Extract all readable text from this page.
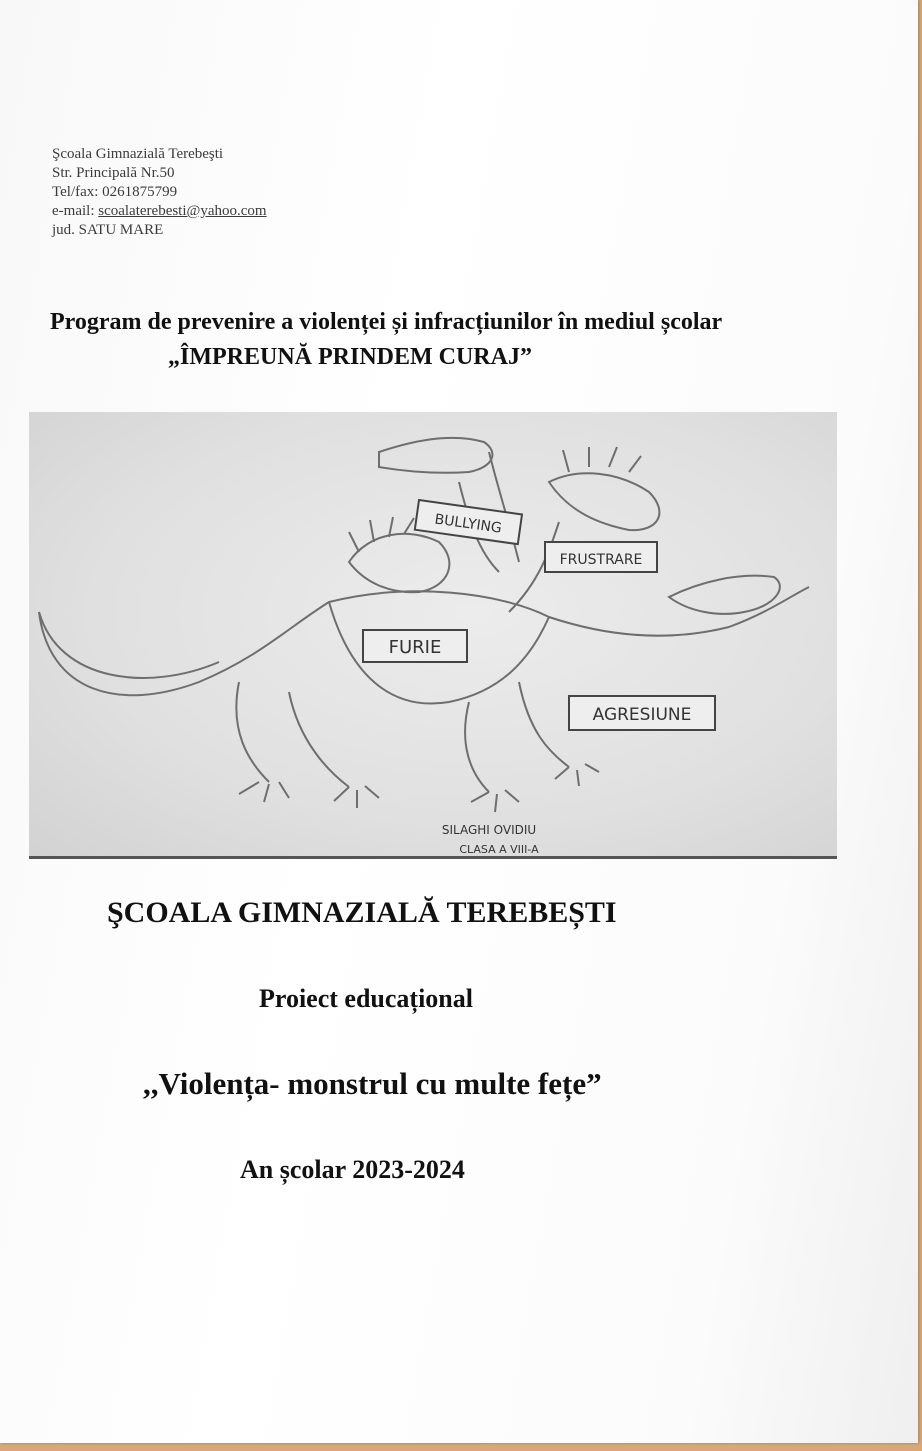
Şcoala Gimnazială Terebeşti
Str. Principală Nr.50
Tel/fax: 0261875799
e-mail: scoalaterebesti@yahoo.com
jud. SATU MARE
Program de prevenire a violenței și infracțiunilor în mediul școlar
„ÎMPREUNĂ PRINDEM CURAJ”
BULLYING
FRUSTRARE
FURIE
AGRESIUNE
SILAGHI OVIDIU
CLASA A VIII-A
ŞCOALA GIMNAZIALĂ TEREBEȘTI
Proiect educațional
,,Violența- monstrul cu multe fețe”
An școlar 2023-2024
